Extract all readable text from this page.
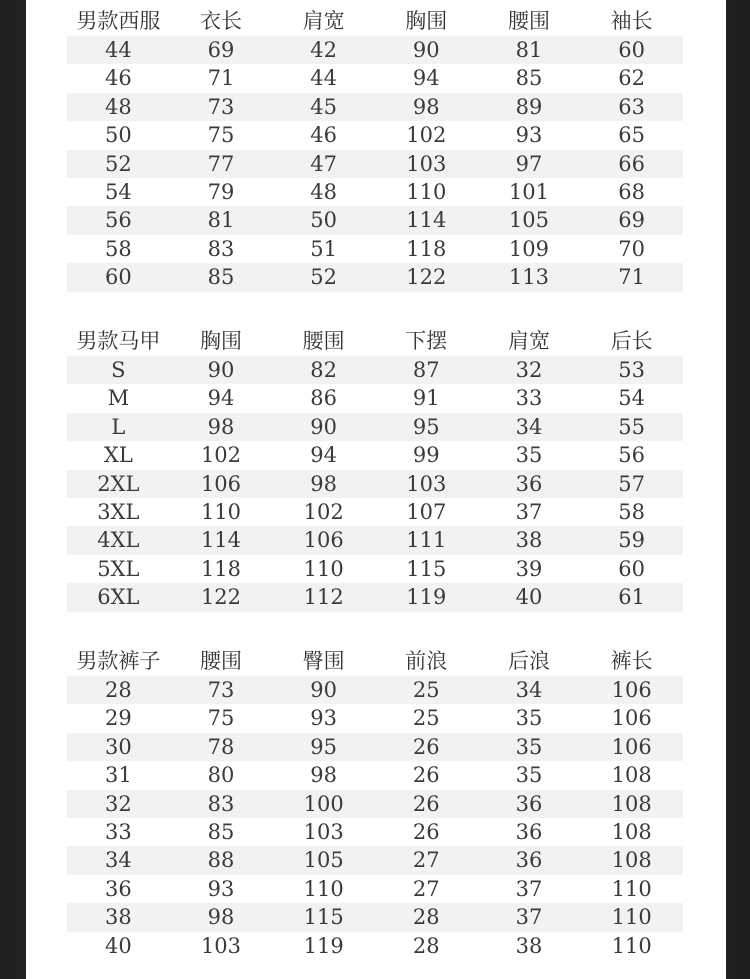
男款西服	衣长	肩宽	胸围	腰围	袖长
44	69	42	90	81	60
46	71	44	94	85	62
48	73	45	98	89	63
50	75	46	102	93	65
52	77	47	103	97	66
54	79	48	110	101	68
56	81	50	114	105	69
58	83	51	118	109	70
60	85	52	122	113	71
男款马甲	胸围	腰围	下摆	肩宽	后长
S	90	82	87	32	53
M	94	86	91	33	54
L	98	90	95	34	55
XL	102	94	99	35	56
2XL	106	98	103	36	57
3XL	110	102	107	37	58
4XL	114	106	111	38	59
5XL	118	110	115	39	60
6XL	122	112	119	40	61
男款裤子	腰围	臀围	前浪	后浪	裤长
28	73	90	25	34	106
29	75	93	25	35	106
30	78	95	26	35	106
31	80	98	26	35	108
32	83	100	26	36	108
33	85	103	26	36	108
34	88	105	27	36	108
36	93	110	27	37	110
38	98	115	28	37	110
40	103	119	28	38	110
